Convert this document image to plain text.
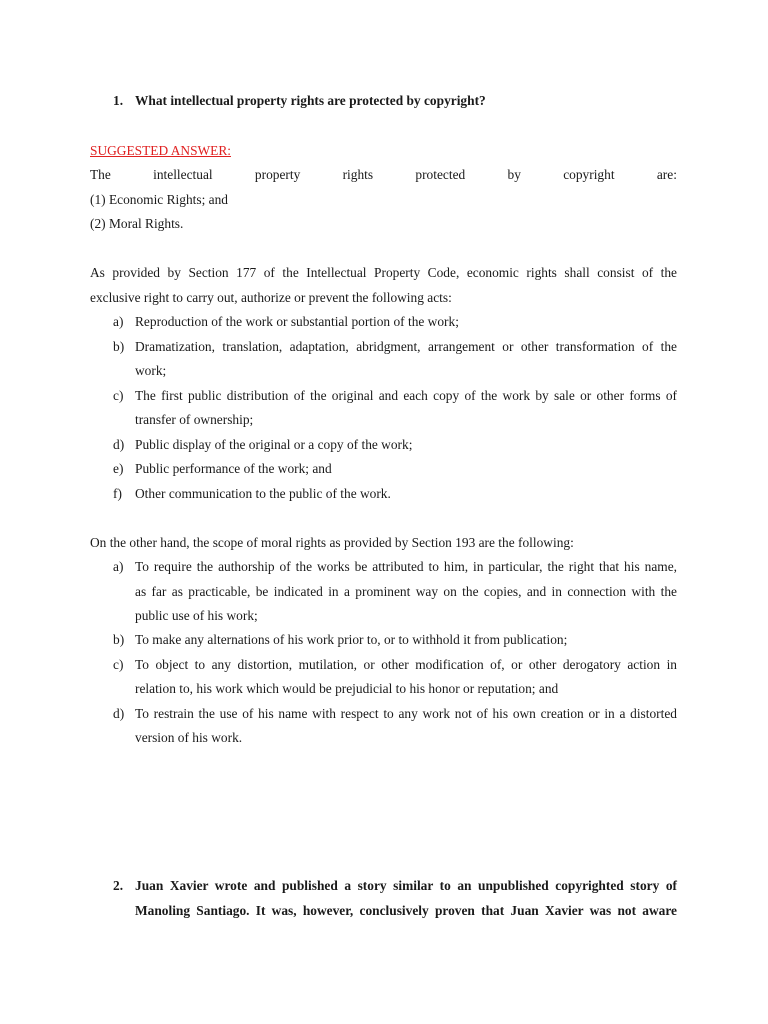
1. What intellectual property rights are protected by copyright?
SUGGESTED ANSWER:
The	intellectual	property	rights	protected	by	copyright	are:
(1) Economic Rights; and
(2) Moral Rights.
As provided by Section 177 of the Intellectual Property Code, economic rights shall consist of the
exclusive right to carry out, authorize or prevent the following acts:
a) Reproduction of the work or substantial portion of the work;
b) Dramatization, translation, adaptation, abridgment, arrangement or other transformation of the
work;
c) The first public distribution of the original and each copy of the work by sale or other forms of
transfer of ownership;
d) Public display of the original or a copy of the work;
e) Public performance of the work; and
f) Other communication to the public of the work.
On the other hand, the scope of moral rights as provided by Section 193 are the following:
a) To require the authorship of the works be attributed to him, in particular, the right that his name,
as far as practicable, be indicated in a prominent way on the copies, and in connection with the
public use of his work;
b) To make any alternations of his work prior to, or to withhold it from publication;
c) To object to any distortion, mutilation, or other modification of, or other derogatory action in
relation to, his work which would be prejudicial to his honor or reputation; and
d) To restrain the use of his name with respect to any work not of his own creation or in a distorted
version of his work.
2. Juan Xavier wrote and published a story similar to an unpublished copyrighted story of
Manoling Santiago. It was, however, conclusively proven that Juan Xavier was not aware
